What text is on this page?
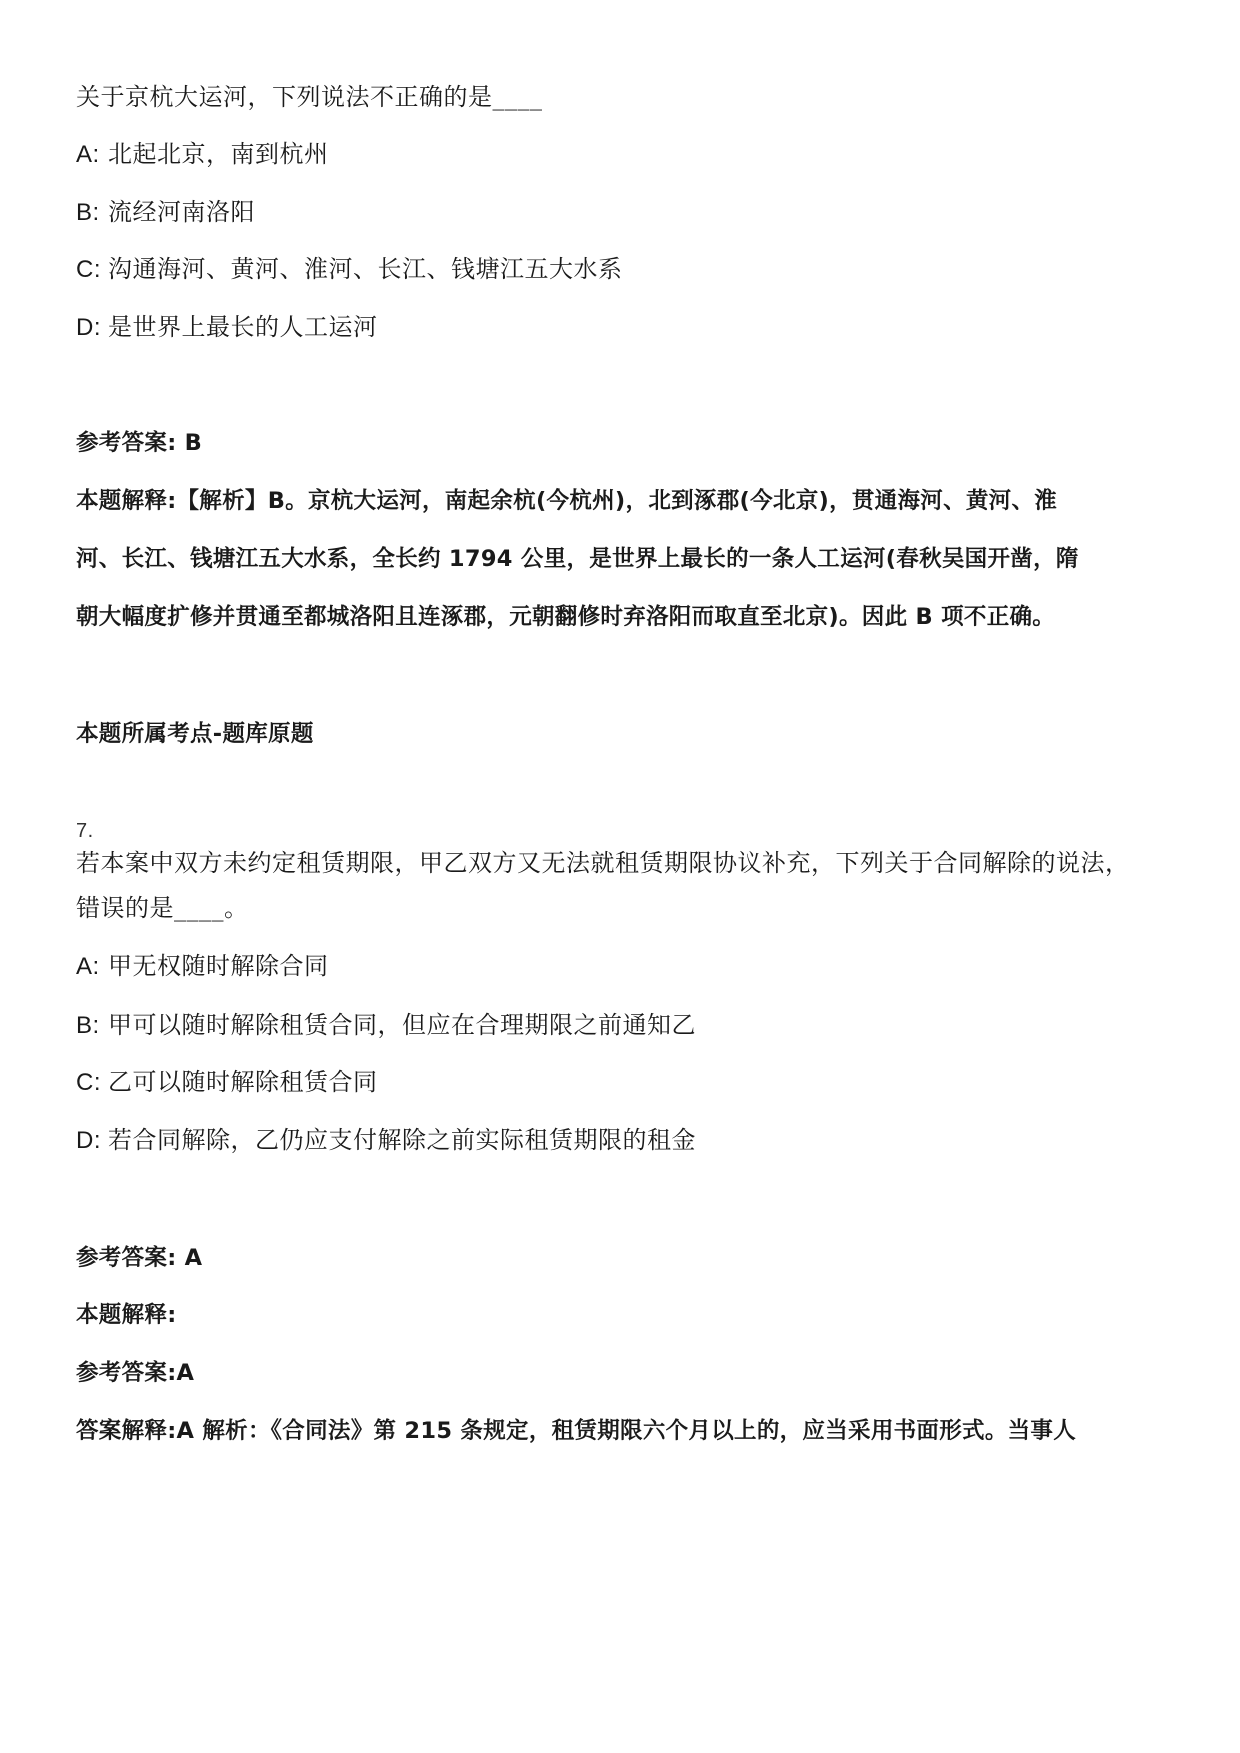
关于京杭大运河，下列说法不正确的是____
A: 北起北京，南到杭州
B: 流经河南洛阳
C: 沟通海河、黄河、淮河、长江、钱塘江五大水系
D: 是世界上最长的人工运河
参考答案: B
本题解释:【解析】B。京杭大运河，南起余杭(今杭州)，北到涿郡(今北京)，贯通海河、黄河、淮
河、长江、钱塘江五大水系，全长约 1794 公里，是世界上最长的一条人工运河(春秋吴国开凿，隋
朝大幅度扩修并贯通至都城洛阳且连涿郡，元朝翻修时弃洛阳而取直至北京)。因此 B 项不正确。
本题所属考点-题库原题
7.
若本案中双方未约定租赁期限，甲乙双方又无法就租赁期限协议补充，下列关于合同解除的说法，
错误的是____。
A: 甲无权随时解除合同
B: 甲可以随时解除租赁合同，但应在合理期限之前通知乙
C: 乙可以随时解除租赁合同
D: 若合同解除，乙仍应支付解除之前实际租赁期限的租金
参考答案: A
本题解释:
参考答案:A
答案解释:A 解析：《合同法》第 215 条规定，租赁期限六个月以上的，应当采用书面形式。当事人
